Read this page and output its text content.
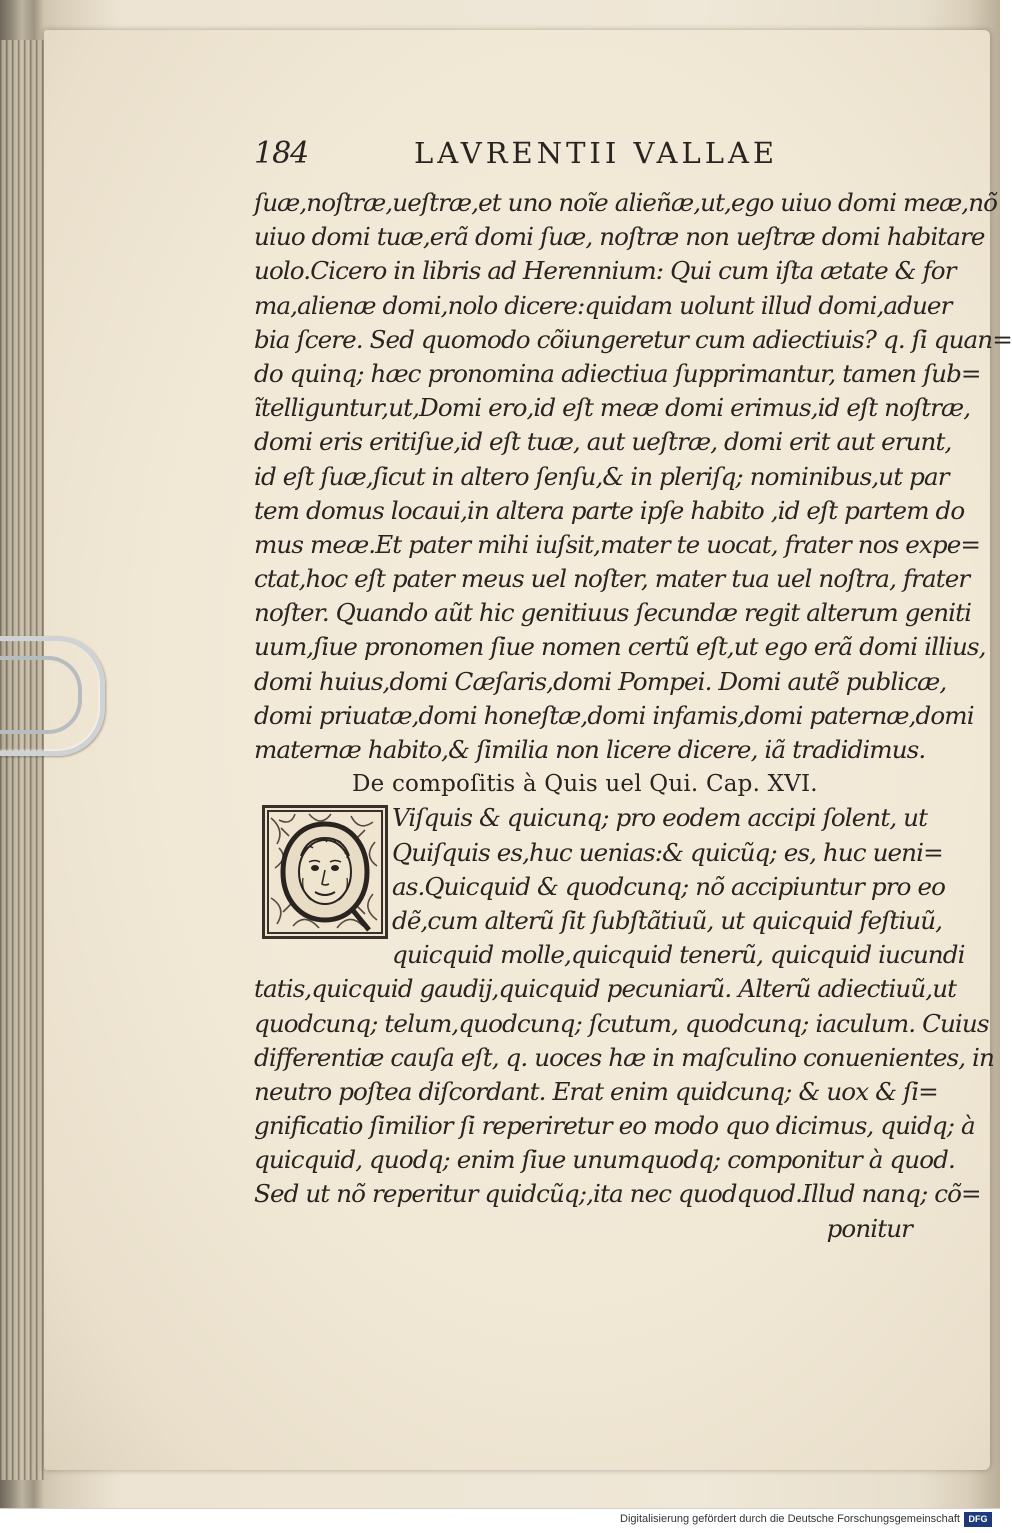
184	LAVRENTII VALLAE
ſuæ,noſtræ,ueſtræ,et uno noĩe alieñæ,ut,ego uiuo domi meæ,nõ
uiuo domi tuæ,erã domi ſuæ, noſtræ non ueſtræ domi habitare
uolo.Cicero in libris ad Herennium: Qui cum iſta ætate & for
ma,alienæ domi,nolo dicere:quidam uolunt illud domi,aduer
bia ſcere. Sed quomodo cõiungeretur cum adiectiuis? q. ſi quan=
do quinq; hæc pronomina adiectiua ſupprimantur, tamen ſub=
ĩtelliguntur,ut,Domi ero,id eſt meæ domi erimus,id eſt noſtræ,
domi eris eritiſue,id eſt tuæ, aut ueſtræ, domi erit aut erunt,
id eſt ſuæ,ſicut in altero ſenſu,& in pleriſq; nominibus,ut par
tem domus locaui,in altera parte ipſe habito ,id eſt partem do
mus meæ.Et pater mihi iuſsit,mater te uocat, frater nos expe=
ctat,hoc eſt pater meus uel noſter, mater tua uel noſtra, frater
noſter. Quando aũt hic genitiuus ſecundæ regit alterum geniti
uum,ſiue pronomen ſiue nomen certũ eſt,ut ego erã domi illius,
domi huius,domi Cæſaris,domi Pompei. Domi autẽ publicæ,
domi priuatæ,domi honeſtæ,domi infamis,domi paternæ,domi
maternæ habito,& ſimilia non licere dicere, iã tradidimus.
De compoſitis à Quis uel Qui. Cap. XVI.
Viſquis & quicunq; pro eodem accipi ſolent, ut
Quiſquis es,huc uenias:& quicũq; es, huc ueni=
as.Quicquid & quodcunq; nõ accipiuntur pro eo
dẽ,cum alterũ ſit ſubſtãtiuũ, ut quicquid feſtiuũ,
quicquid molle,quicquid tenerũ, quicquid iucundi
tatis,quicquid gaudij,quicquid pecuniarũ. Alterũ adiectiuũ,ut
quodcunq; telum,quodcunq; ſcutum, quodcunq; iaculum. Cuius
differentiæ cauſa eſt, q. uoces hæ in maſculino conuenientes, in
neutro poſtea diſcordant. Erat enim quidcunq; & uox & ſi=
gnificatio ſimilior ſi reperiretur eo modo quo dicimus, quidq; à
quicquid, quodq; enim ſiue unumquodq; componitur à quod.
Sed ut nõ reperitur quidcũq;,ita nec quodquod.Illud nanq; cõ=
ponitur
Digitalisierung gefördert durch die Deutsche Forschungsgemeinschaft DFG
